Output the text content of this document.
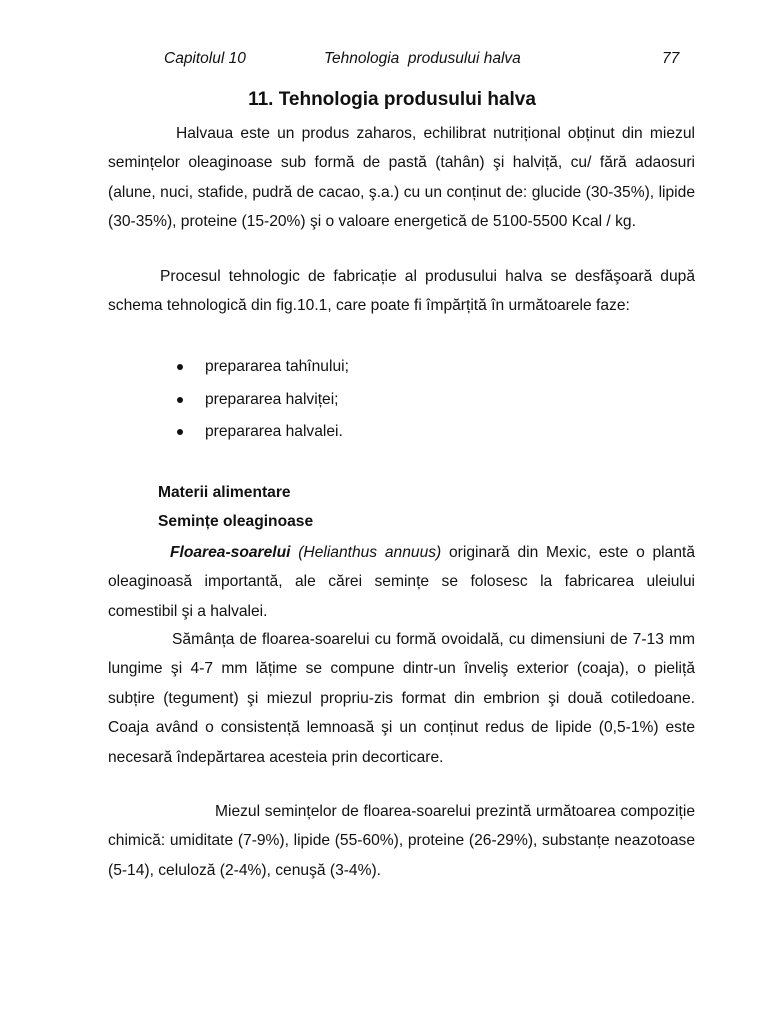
Capitolul 10	Tehnologia  produsului halva	77
11. Tehnologia produsului halva

Halvaua este un produs zaharos, echilibrat nutrițional obținut din miezul semințelor oleaginoase sub formă de pastă (tahân) şi halviță, cu/ fără adaosuri (alune, nuci, stafide, pudră de cacao, ş.a.) cu un conținut de: glucide (30-35%), lipide (30-35%), proteine (15-20%) şi o valoare energetică de 5100-5500 Kcal / kg.

Procesul tehnologic de fabricație al produsului halva se desfăşoară după schema tehnologică din fig.10.1, care poate fi împărțită în următoarele faze:

prepararea tahînului;
prepararea halviței;
prepararea halvalei.
Materii alimentare
Semințe oleaginoase

Floarea-soarelui (Helianthus annuus) originară din Mexic, este o plantă oleaginoasă importantă, ale cărei semințe se folosesc la fabricarea uleiului comestibil şi a halvalei.

Sămânța de floarea-soarelui cu formă ovoidală, cu dimensiuni de 7-13 mm lungime şi 4-7 mm lățime se compune dintr-un înveliş exterior (coaja), o pieliță subțire (tegument) şi miezul propriu-zis format din embrion şi două cotiledoane. Coaja având o consistență lemnoasă şi un conținut redus de lipide (0,5-1%) este necesară îndepărtarea acesteia prin decorticare.

Miezul semințelor de floarea-soarelui prezintă următoarea compoziție chimică: umiditate (7-9%), lipide (55-60%), proteine (26-29%), substanțe neazotoase (5-14), celuloză (2-4%), cenuşă (3-4%).
